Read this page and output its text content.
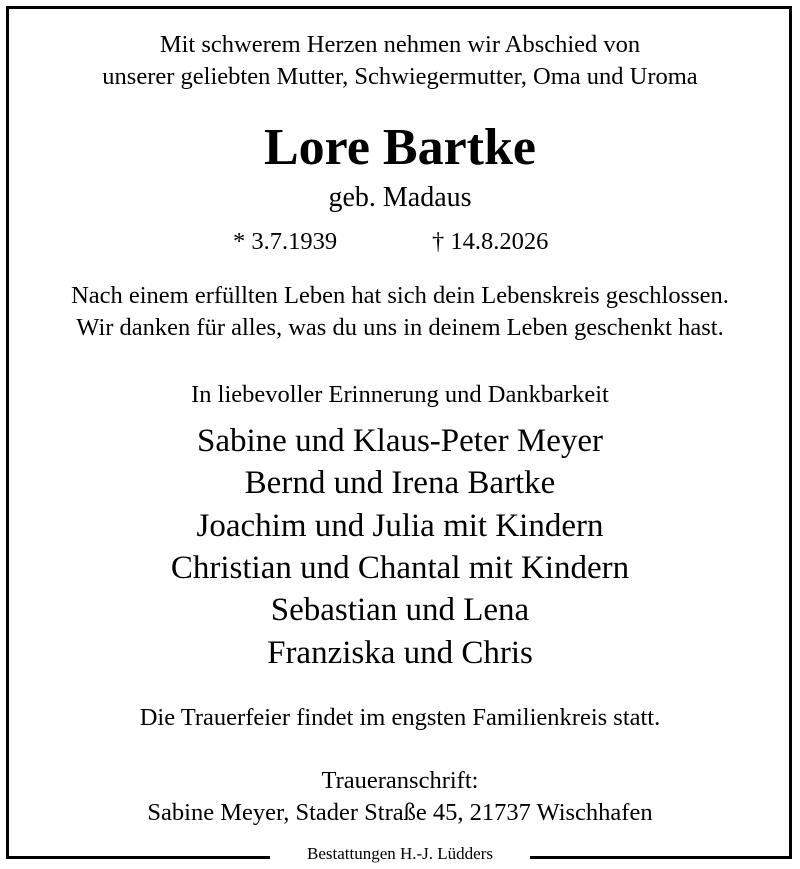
Mit schwerem Herzen nehmen wir Abschied von
unserer geliebten Mutter, Schwiegermutter, Oma und Uroma
Lore Bartke
geb. Madaus
* 3.7.1939	† 14.8.2026
Nach einem erfüllten Leben hat sich dein Lebenskreis geschlossen.
Wir danken für alles, was du uns in deinem Leben geschenkt hast.
In liebevoller Erinnerung und Dankbarkeit
Sabine und Klaus-Peter Meyer
Bernd und Irena Bartke
Joachim und Julia mit Kindern
Christian und Chantal mit Kindern
Sebastian und Lena
Franziska und Chris
Die Trauerfeier findet im engsten Familienkreis statt.
Traueranschrift:
Sabine Meyer, Stader Straße 45, 21737 Wischhafen
Bestattungen H.-J. Lüdders
